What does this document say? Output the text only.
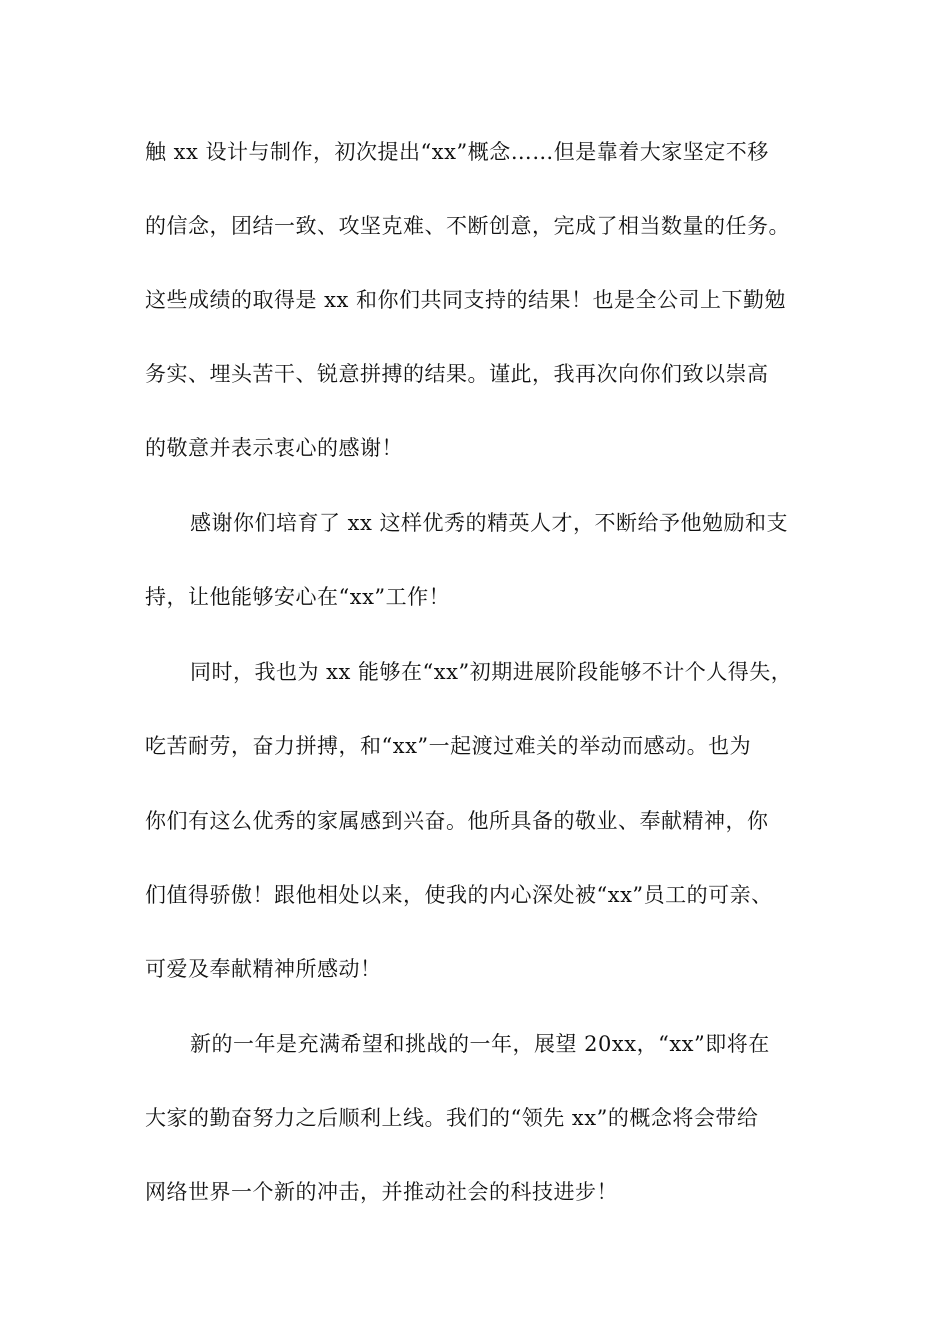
触 xx 设计与制作，初次提出“xx”概念……但是靠着大家坚定不移
的信念，团结一致、攻坚克难、不断创意，完成了相当数量的任务。
这些成绩的取得是 xx 和你们共同支持的结果！也是全公司上下勤勉
务实、埋头苦干、锐意拼搏的结果。谨此，我再次向你们致以崇高
的敬意并表示衷心的感谢！
感谢你们培育了 xx 这样优秀的精英人才，不断给予他勉励和支
持，让他能够安心在“xx”工作！
同时，我也为 xx 能够在“xx”初期进展阶段能够不计个人得失，
吃苦耐劳，奋力拼搏，和“xx”一起渡过难关的举动而感动。也为
你们有这么优秀的家属感到兴奋。他所具备的敬业、奉献精神，你
们值得骄傲！跟他相处以来，使我的内心深处被“xx”员工的可亲、
可爱及奉献精神所感动！
新的一年是充满希望和挑战的一年，展望 20xx，“xx”即将在
大家的勤奋努力之后顺利上线。我们的“领先 xx”的概念将会带给
网络世界一个新的冲击，并推动社会的科技进步！
